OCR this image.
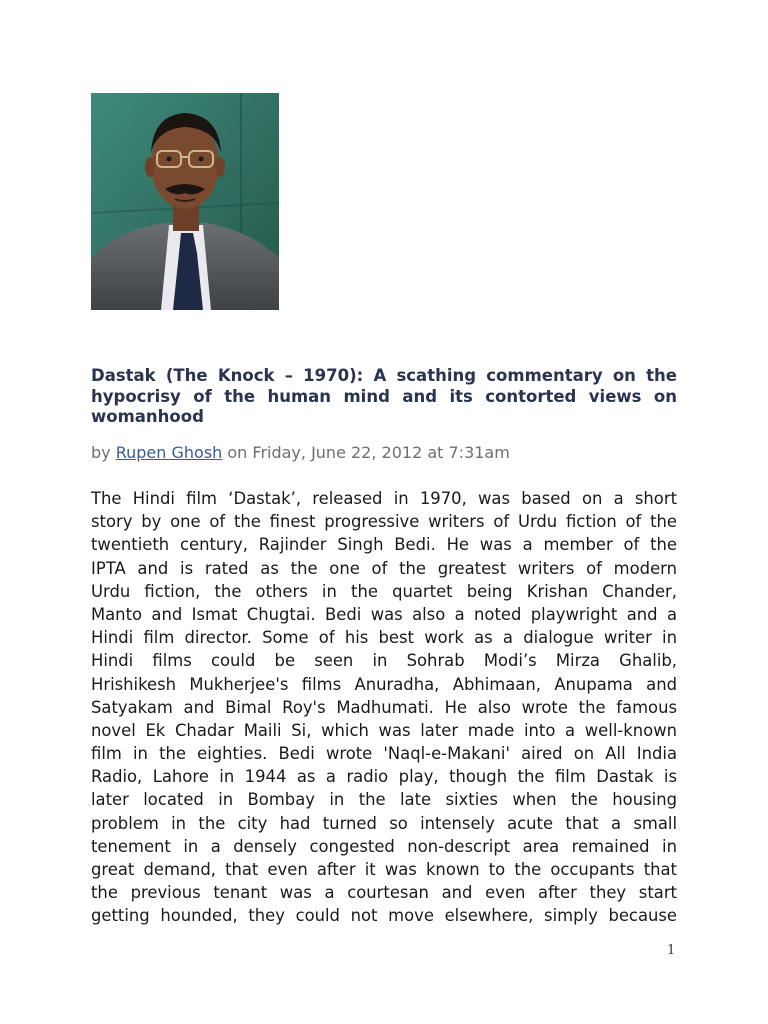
Dastak (The Knock – 1970): A scathing commentary on the hypocrisy of the human mind and its contorted views on womanhood
by Rupen Ghosh on Friday, June 22, 2012 at 7:31am
The Hindi film ‘Dastak’, released in 1970, was based on a short
story by one of the finest progressive writers of Urdu fiction of the
twentieth century, Rajinder Singh Bedi. He was a member of the
IPTA and is rated as the one of the greatest writers of modern
Urdu fiction, the others in the quartet being Krishan Chander,
Manto and Ismat Chugtai. Bedi was also a noted playwright and a
Hindi film director. Some of his best work as a dialogue writer in
Hindi films could be seen in Sohrab Modi’s Mirza Ghalib,
Hrishikesh Mukherjee's films Anuradha, Abhimaan, Anupama and
Satyakam and Bimal Roy's Madhumati. He also wrote the famous
novel Ek Chadar Maili Si, which was later made into a well-known
film in the eighties. Bedi wrote 'Naql-e-Makani' aired on All India
Radio, Lahore in 1944 as a radio play, though the film Dastak is
later located in Bombay in the late sixties when the housing
problem in the city had turned so intensely acute that a small
tenement in a densely congested non-descript area remained in
great demand, that even after it was known to the occupants that
the previous tenant was a courtesan and even after they start
getting hounded, they could not move elsewhere, simply because
1
